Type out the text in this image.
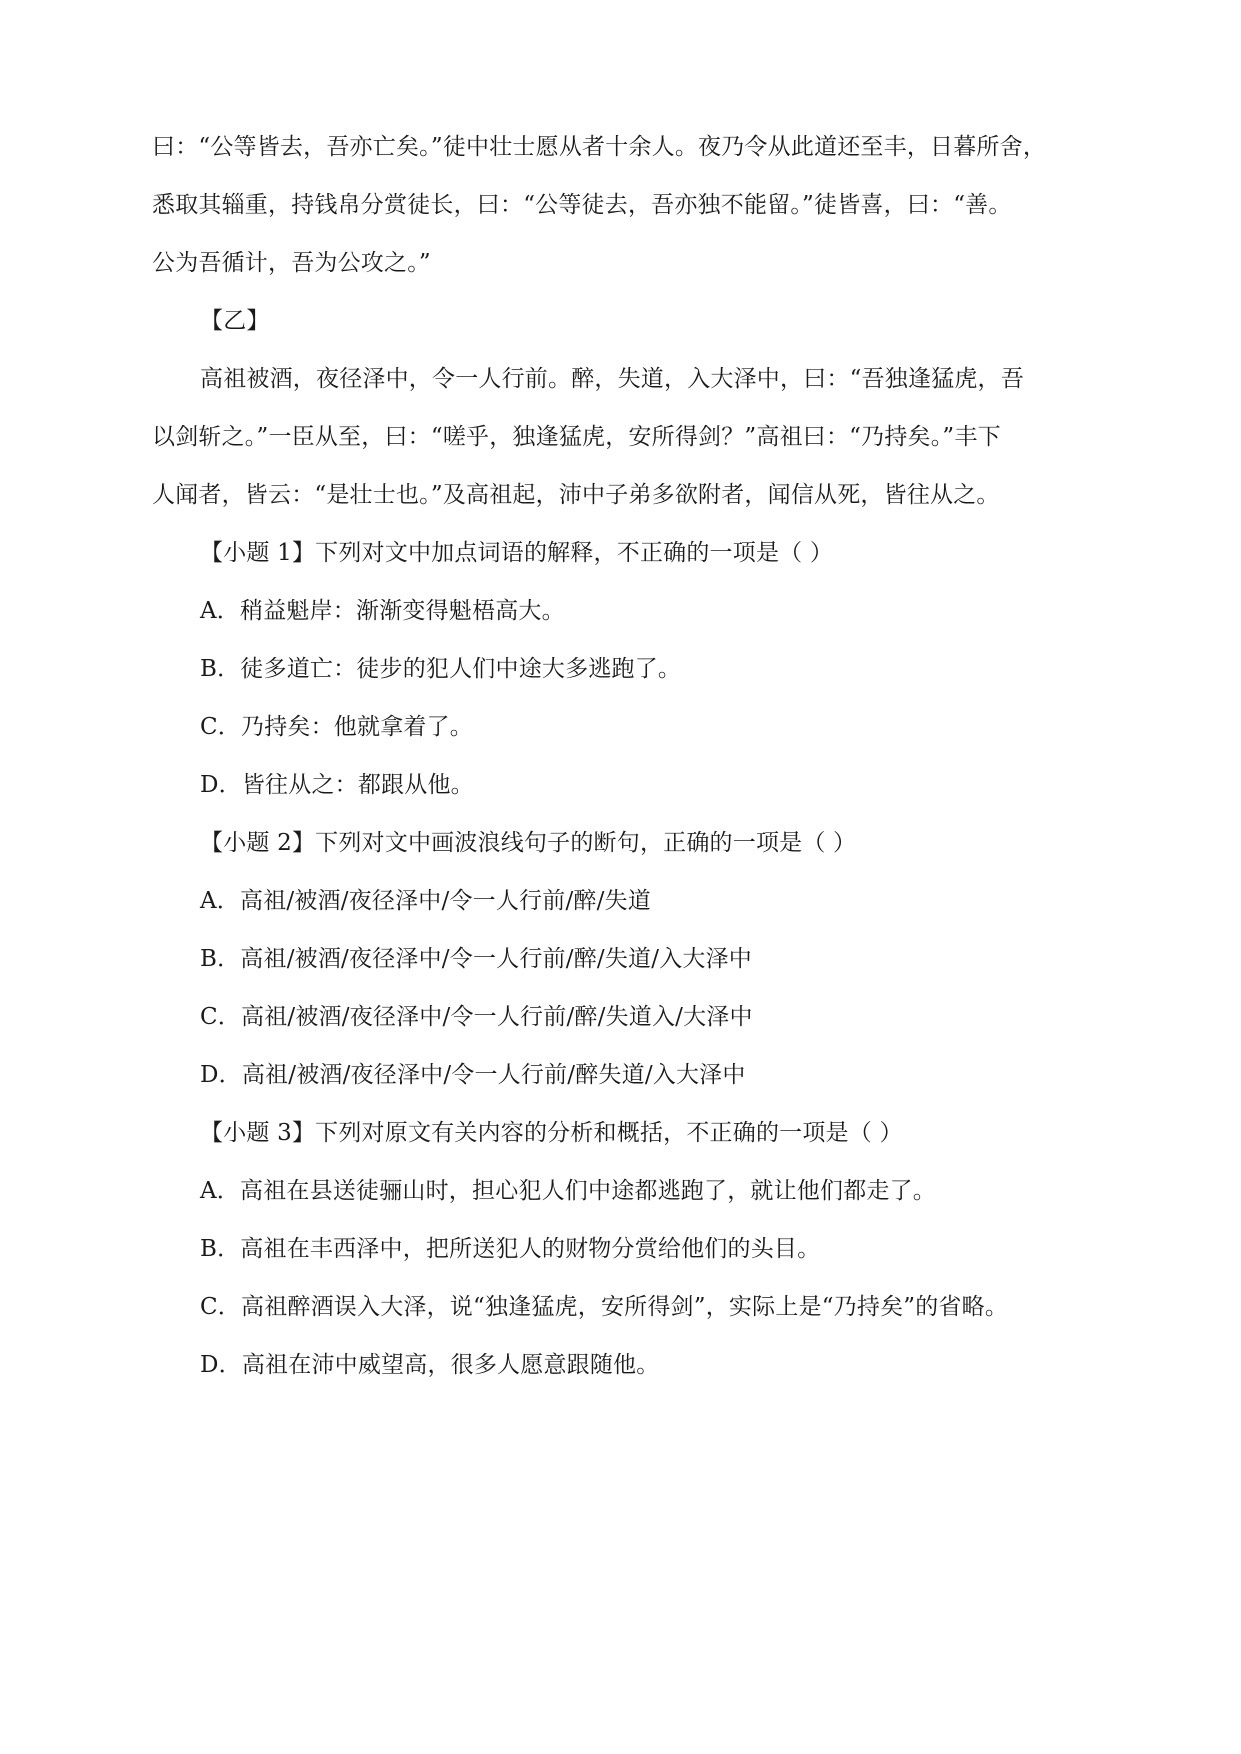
曰：“公等皆去，吾亦亡矣。”徒中壮士愿从者十余人。夜乃令从此道还至丰，日暮所舍，
悉取其辎重，持钱帛分赏徒长，曰：“公等徒去，吾亦独不能留。”徒皆喜，曰：“善。
公为吾循计，吾为公攻之。”
【乙】
高祖被酒，夜径泽中，令一人行前。醉，失道，入大泽中，曰：“吾独逢猛虎，吾
以剑斩之。”一臣从至，曰：“嗟乎，独逢猛虎，安所得剑？”高祖曰：“乃持矣。”丰下
人闻者，皆云：“是壮士也。”及高祖起，沛中子弟多欲附者，闻信从死，皆往从之。
【小题 1】下列对文中加点词语的解释，不正确的一项是（ ）
A．稍益魁岸：渐渐变得魁梧高大。
B．徒多道亡：徒步的犯人们中途大多逃跑了。
C．乃持矣：他就拿着了。
D．皆往从之：都跟从他。
【小题 2】下列对文中画波浪线句子的断句，正确的一项是（ ）
A．高祖/被酒/夜径泽中/令一人行前/醉/失道
B．高祖/被酒/夜径泽中/令一人行前/醉/失道/入大泽中
C．高祖/被酒/夜径泽中/令一人行前/醉/失道入/大泽中
D．高祖/被酒/夜径泽中/令一人行前/醉失道/入大泽中
【小题 3】下列对原文有关内容的分析和概括，不正确的一项是（ ）
A．高祖在县送徒骊山时，担心犯人们中途都逃跑了，就让他们都走了。
B．高祖在丰西泽中，把所送犯人的财物分赏给他们的头目。
C．高祖醉酒误入大泽，说“独逢猛虎，安所得剑”，实际上是“乃持矣”的省略。
D．高祖在沛中威望高，很多人愿意跟随他。
